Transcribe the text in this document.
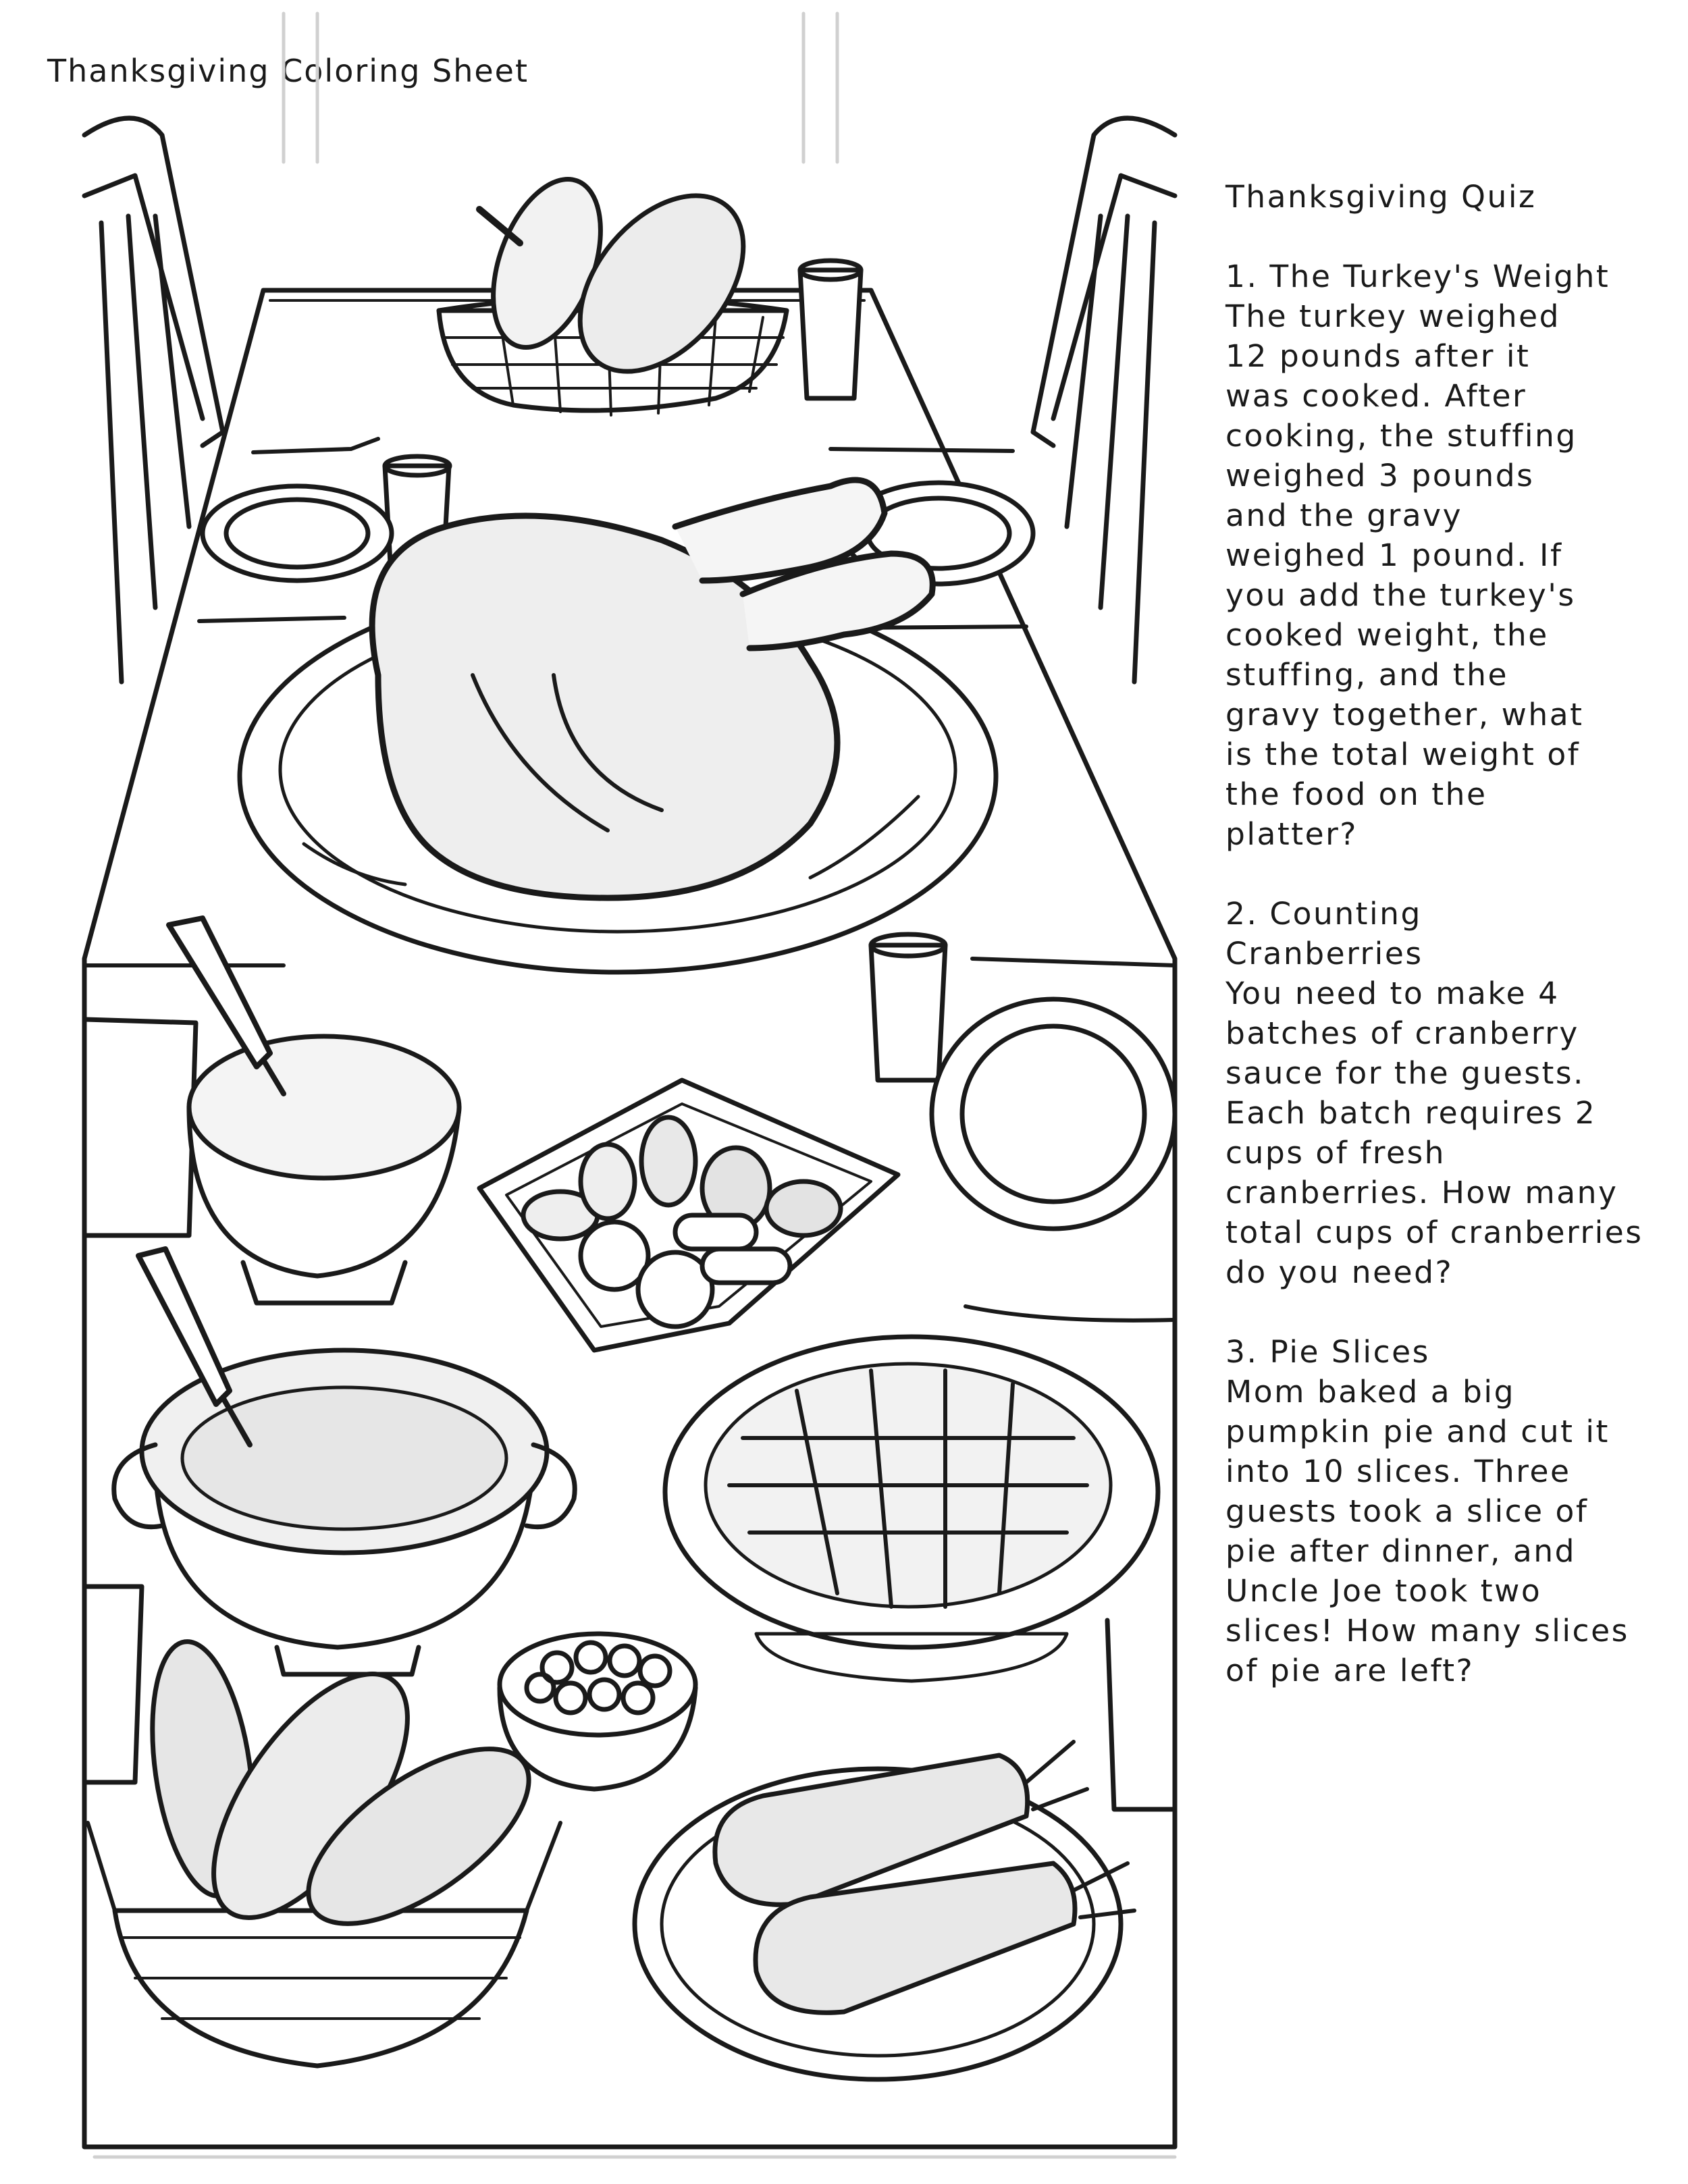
Thanksgiving Coloring Sheet
Thanksgiving Quiz
1. The Turkey's Weight
The turkey weighed 12 pounds after it was cooked. After cooking, the stuffing weighed 3 pounds and the gravy weighed 1 pound. If you add the turkey's cooked weight, the stuffing, and the gravy together, what is the total weight of the food on the platter?
2. Counting Cranberries
You need to make 4 batches of cranberry sauce for the guests. Each batch requires 2 cups of fresh cranberries. How many total cups of cranberries do you need?
3. Pie Slices
Mom baked a big pumpkin pie and cut it into 10 slices. Three guests took a slice of pie after dinner, and Uncle Joe took two slices! How many slices of pie are left?
